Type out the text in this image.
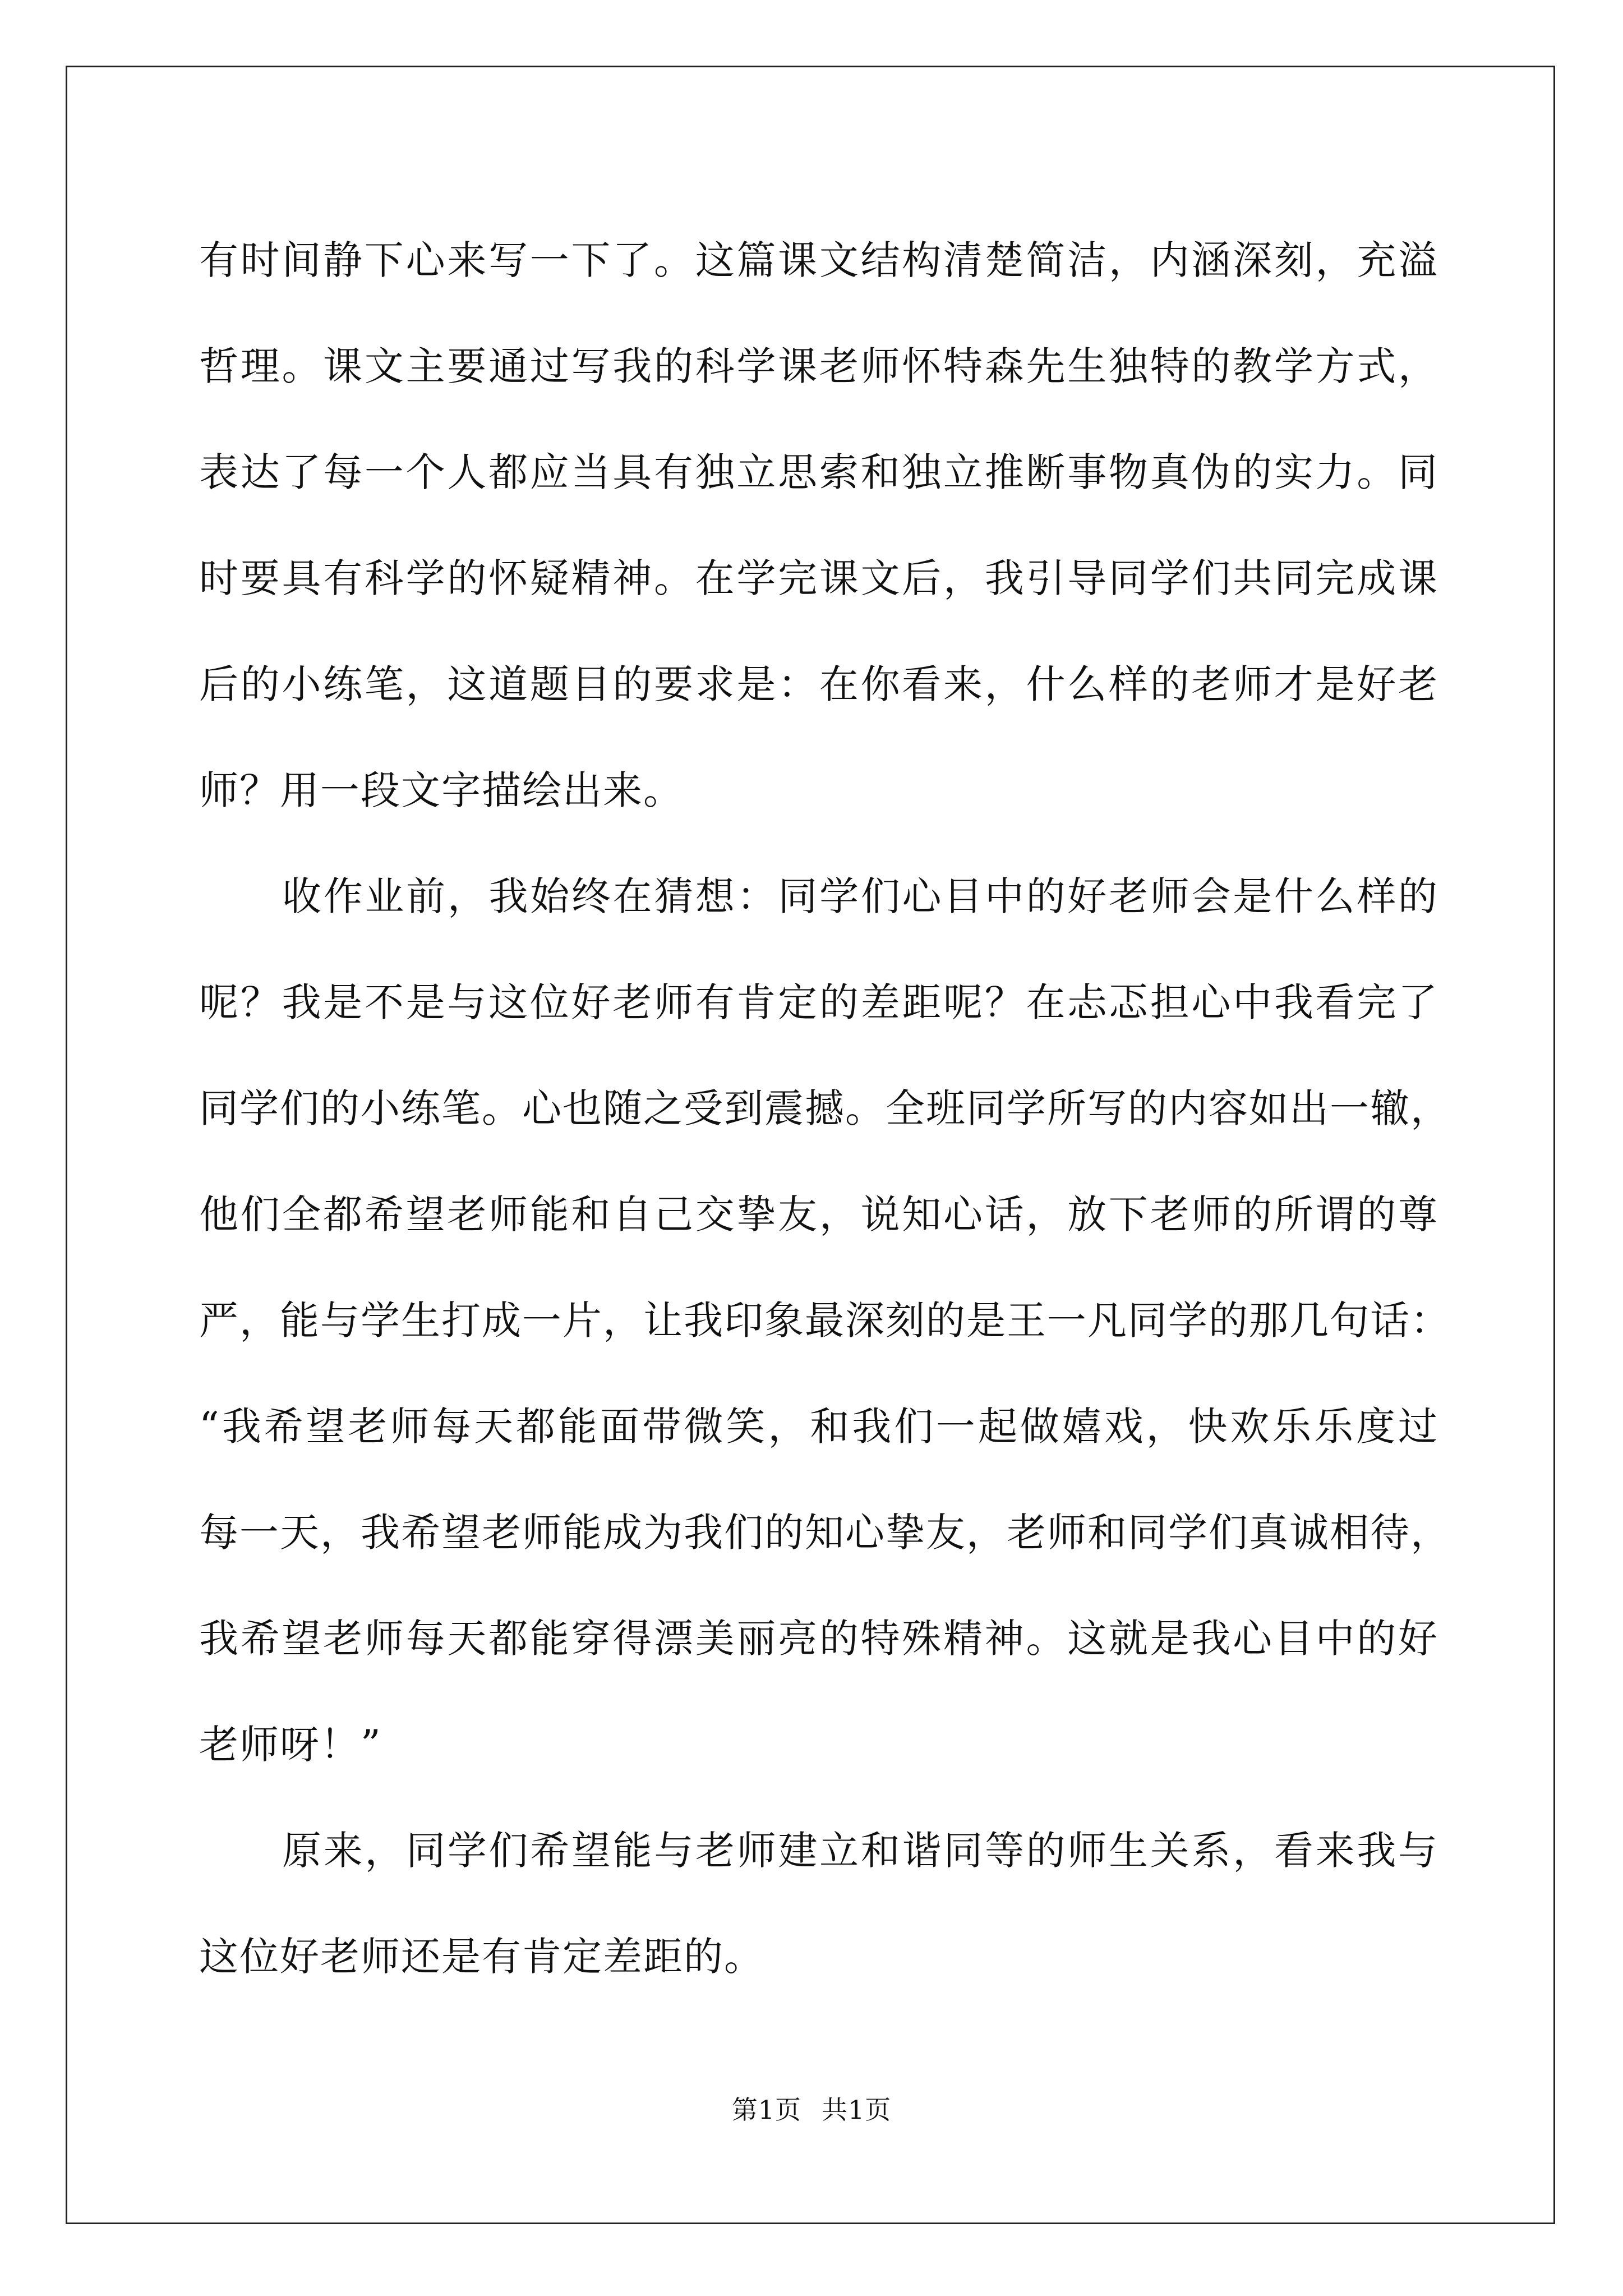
有时间静下心来写一下了。这篇课文结构清楚简洁，内涵深刻，充溢
哲理。课文主要通过写我的科学课老师怀特森先生独特的教学方式，
表达了每一个人都应当具有独立思索和独立推断事物真伪的实力。同
时要具有科学的怀疑精神。在学完课文后，我引导同学们共同完成课
后的小练笔，这道题目的要求是：在你看来，什么样的老师才是好老
师？用一段文字描绘出来。
收作业前，我始终在猜想：同学们心目中的好老师会是什么样的
呢？我是不是与这位好老师有肯定的差距呢？在忐忑担心中我看完了
同学们的小练笔。心也随之受到震撼。全班同学所写的内容如出一辙，
他们全都希望老师能和自己交挚友，说知心话，放下老师的所谓的尊
严，能与学生打成一片，让我印象最深刻的是王一凡同学的那几句话：
“我希望老师每天都能面带微笑，和我们一起做嬉戏，快欢乐乐度过
每一天，我希望老师能成为我们的知心挚友，老师和同学们真诚相待，
我希望老师每天都能穿得漂美丽亮的特殊精神。这就是我心目中的好
老师呀！”
原来，同学们希望能与老师建立和谐同等的师生关系，看来我与
这位好老师还是有肯定差距的。
第1页 共1页
